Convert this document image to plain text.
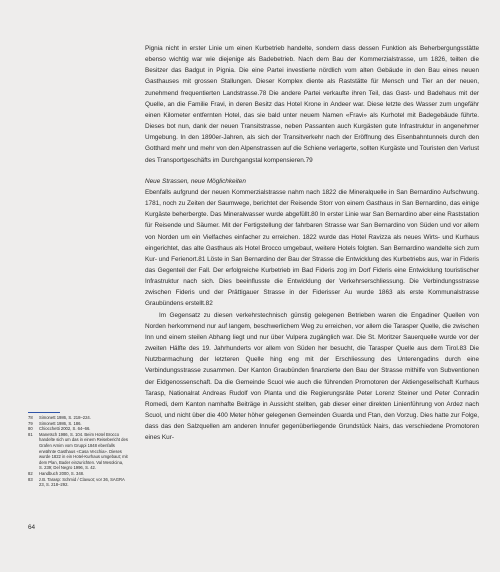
Pignia nicht in erster Linie um einen Kurbetrieb handelte, sondern dass dessen Funktion als Beherbergungsstätte ebenso wichtig war wie diejenige als Badebetrieb. Nach dem Bau der Kommerzialstrasse, um 1826, teilten die Besitzer das Badgut in Pignia. Die eine Partei investierte nördlich vom alten Gebäude in den Bau eines neuen Gasthauses mit grossen Stallungen. Dieser Komplex diente als Raststätte für Mensch und Tier an der neuen, zunehmend frequentierten Landstrasse.78 Die andere Partei verkaufte ihren Teil, das Gast- und Badehaus mit der Quelle, an die Familie Fravi, in deren Besitz das Hotel Krone in Andeer war. Diese letzte des Wasser zum ungefähr einen Kilometer entfernten Hotel, das sie bald unter neuem Namen «Fravi» als Kurhotel mit Badegebäude führte. Dieses bot nun, dank der neuen Transitstrasse, neben Passanten auch Kurgästen gute Infrastruktur in angenehmer Umgebung. In den 1890er-Jahren, als sich der Transitverkehr nach der Eröffnung des Eisenbahntunnels durch den Gotthard mehr und mehr von den Alpenstrassen auf die Schiene verlagerte, sollten Kurgäste und Touristen den Verlust des Transportgeschäfts im Durchgangstal kompensieren.79

Neue Strassen, neue Möglichkeiten

Ebenfalls aufgrund der neuen Kommerzialstrasse nahm nach 1822 die Mineralquelle in San Bernardino Aufschwung. 1781, noch zu Zeiten der Saumwege, berichtet der Reisende Storr von einem Gasthaus in San Bernardino, das einige Kurgäste beherbergte. Das Mineralwasser wurde abgefüllt.80 In erster Linie war San Bernardino aber eine Raststation für Reisende und Säumer. Mit der Fertigstellung der fahrbaren Strasse war San Bernardino von Süden und vor allem von Norden um ein Vielfaches einfacher zu erreichen. 1822 wurde das Hotel Ravizza als neues Wirts- und Kurhaus eingerichtet, das alte Gasthaus als Hotel Brocco umgebaut, weitere Hotels folgten. San Bernardino wandelte sich zum Kur- und Ferienort.81 Löste in San Bernardino der Bau der Strasse die Entwicklung des Kurbetriebs aus, war in Fideris das Gegenteil der Fall. Der erfolgreiche Kurbetrieb im Bad Fideris zog im Dorf Fideris eine Entwicklung touristischer Infrastruktur nach sich. Dies beeinflusste die Entwicklung der Verkehrserschliessung. Die Verbindungsstrasse zwischen Fideris und der Prättigauer Strasse in der Fiderisser Au wurde 1863 als erste Kommunalstrasse Graubündens erstellt.82

Im Gegensatz zu diesen verkehrstechnisch günstig gelegenen Betrieben waren die Engadiner Quellen von Norden herkommend nur auf langem, beschwerlichem Weg zu erreichen, vor allem die Tarasper Quelle, die zwischen Inn und einem steilen Abhang liegt und nur über Vulpera zugänglich war. Die St. Moritzer Sauerquelle wurde vor der zweiten Hälfte des 19. Jahrhunderts vor allem von Süden her besucht, die Tarasper Quelle aus dem Tirol.83 Die Nutzbarmachung der letzteren Quelle hing eng mit der Erschliessung des Unterengadins durch eine Verbindungsstrasse zusammen. Der Kanton Graubünden finanzierte den Bau der Strasse mithilfe von Subventionen der Eidgenossenschaft. Da die Gemeinde Scuol wie auch die führenden Promotoren der Aktiengesellschaft Kurhaus Tarasp, Nationalrat Andreas Rudolf von Planta und die Regierungsräte Peter Lorenz Steiner und Peter Conradin Romedi, dem Kanton namhafte Beiträge in Aussicht stellten, gab dieser einer direkten Linienführung von Ardez nach Scuol, und nicht über die 400 Meter höher gelegenen Gemeinden Guarda und Ftan, den Vorzug. Dies hatte zur Folge, dass das den Salzquellen am anderen Innufer gegenüberliegende Grundstück Nairs, das verschiedene Promotoren eines Kur-

78	Simonett 1986, S. 218–224.
79	Simonett 1986, S. 186.
80	Chiocchetti 2002, S. 64–66.
81	Manetsch 1986, S. 104. Beim Hotel Brocco handelte sich um das in einem Reisebericht des Grafen Arnim vom Gruppi 1848 ebenfalls erwähnte Gasthaus «Casa Vecchia». Dieses wurde 1822 in ein Hotel-Kurhaus umgebaut; mit dem Plan, Bader einzurichten. Val Mesolcina, S. 239; Del Negro 1996, S. 42.
82	Handbuch 2000, S. 348.
83	z.B. Tarasp: Schmid / Clavuot; vor 36, SAGRA 23, S. 218–292.
64
